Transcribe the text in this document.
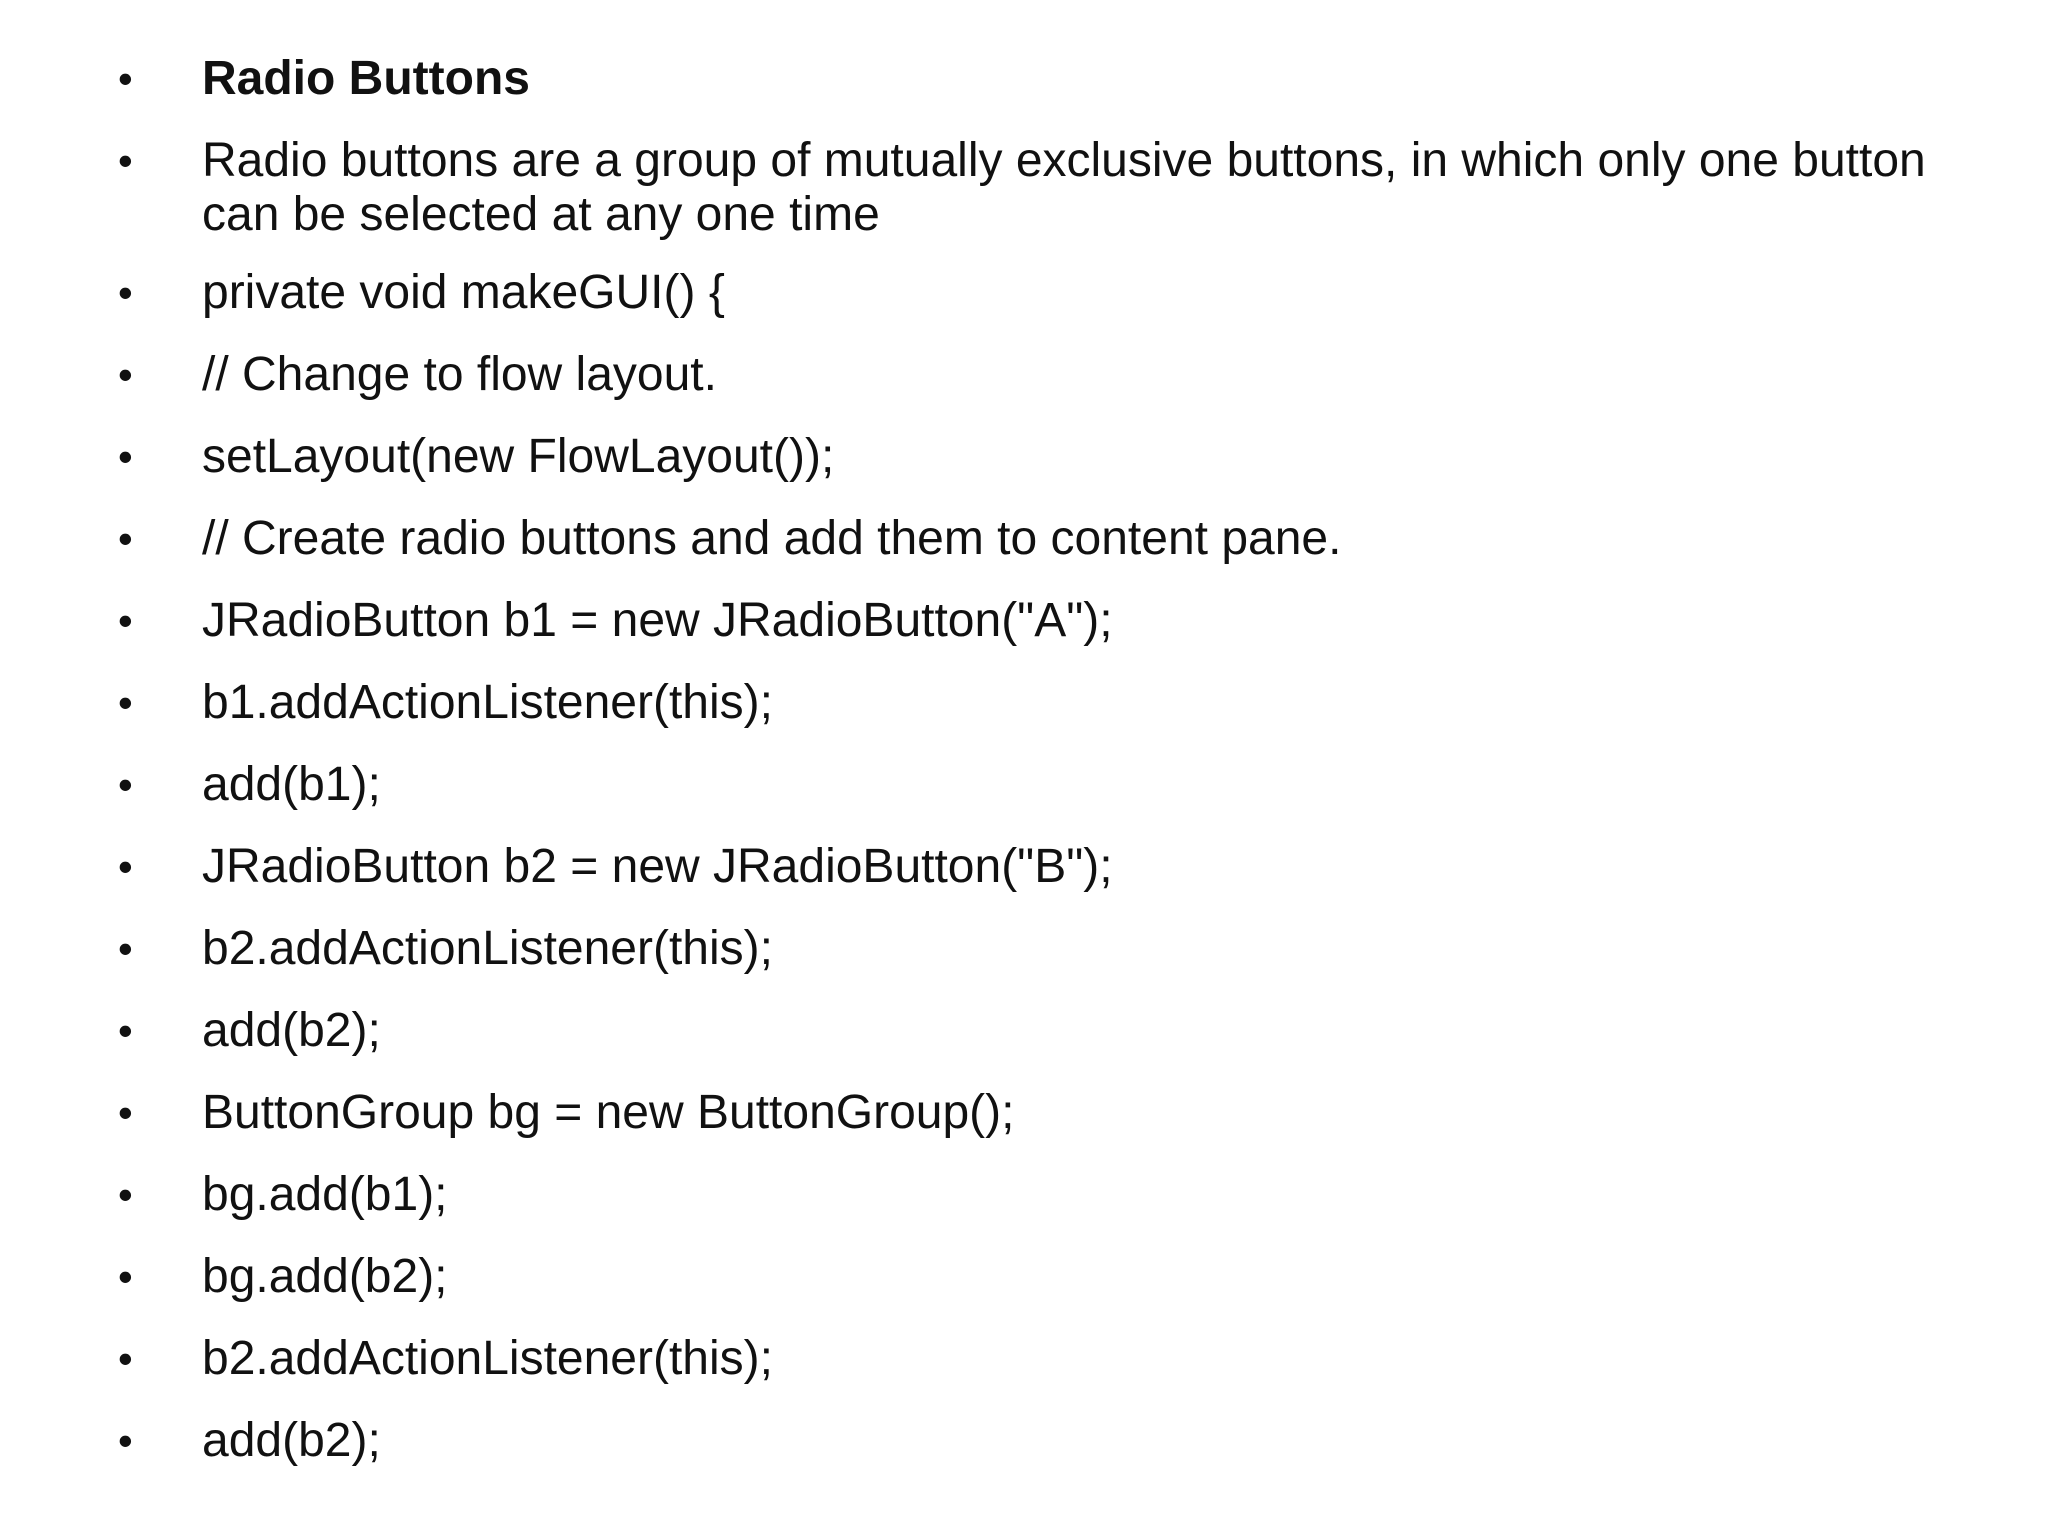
•	Radio Buttons
•	Radio buttons are a group of mutually exclusive buttons, in which only one button can be selected at any one time
•	private void makeGUI() {
•	// Change to flow layout.
•	setLayout(new FlowLayout());
•	// Create radio buttons and add them to content pane.
•	JRadioButton b1 = new JRadioButton("A");
•	b1.addActionListener(this);
•	add(b1);
•	JRadioButton b2 = new JRadioButton("B");
•	b2.addActionListener(this);
•	add(b2);
•	ButtonGroup bg = new ButtonGroup();
•	bg.add(b1);
•	bg.add(b2);
•	b2.addActionListener(this);
•	add(b2);
